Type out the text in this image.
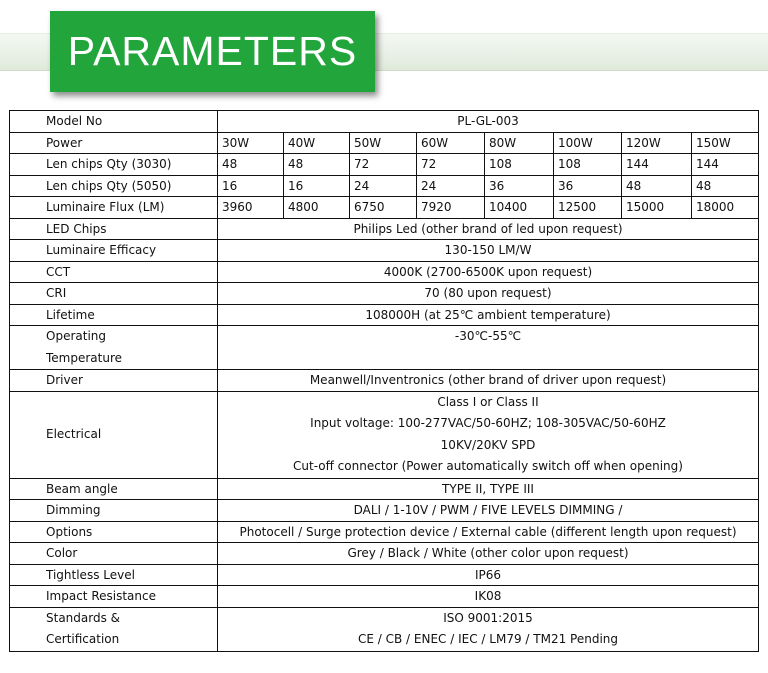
PARAMETERS
Model No	PL-GL-003							
Power	30W	40W	50W	60W	80W	100W	120W	150W
Len chips Qty (3030)	48	48	72	72	108	108	144	144
Len chips Qty (5050)	16	16	24	24	36	36	48	48
Luminaire Flux (LM)	3960	4800	6750	7920	10400	12500	15000	18000
LED Chips	Philips Led (other brand of led upon request)							
Luminaire Efficacy	130-150 LM/W							
CCT	4000K (2700-6500K upon request)							
CRI	70 (80 upon request)							
Lifetime	108000H (at 25℃ ambient temperature)							

Operating
Temperature	-30℃-55℃							

Driver	Meanwell/Inventronics (other brand of driver upon request)							
Electrical	Class I or Class II
Input voltage: 100-277VAC/50-60HZ; 108-305VAC/50-60HZ
10KV/20KV SPD
Cut-off connector (Power automatically switch off when opening)							

Beam angle	TYPE II, TYPE III							
Dimming	DALI / 1-10V / PWM / FIVE LEVELS DIMMING /							
Options	Photocell / Surge protection device / External cable (different length upon request)							
Color	Grey / Black / White (other color upon request)							
Tightless Level	IP66							
Impact Resistance	IK08							

Standards &
Certification	ISO 9001:2015
CE / CB / ENEC / IEC / LM79 / TM21 Pending							
